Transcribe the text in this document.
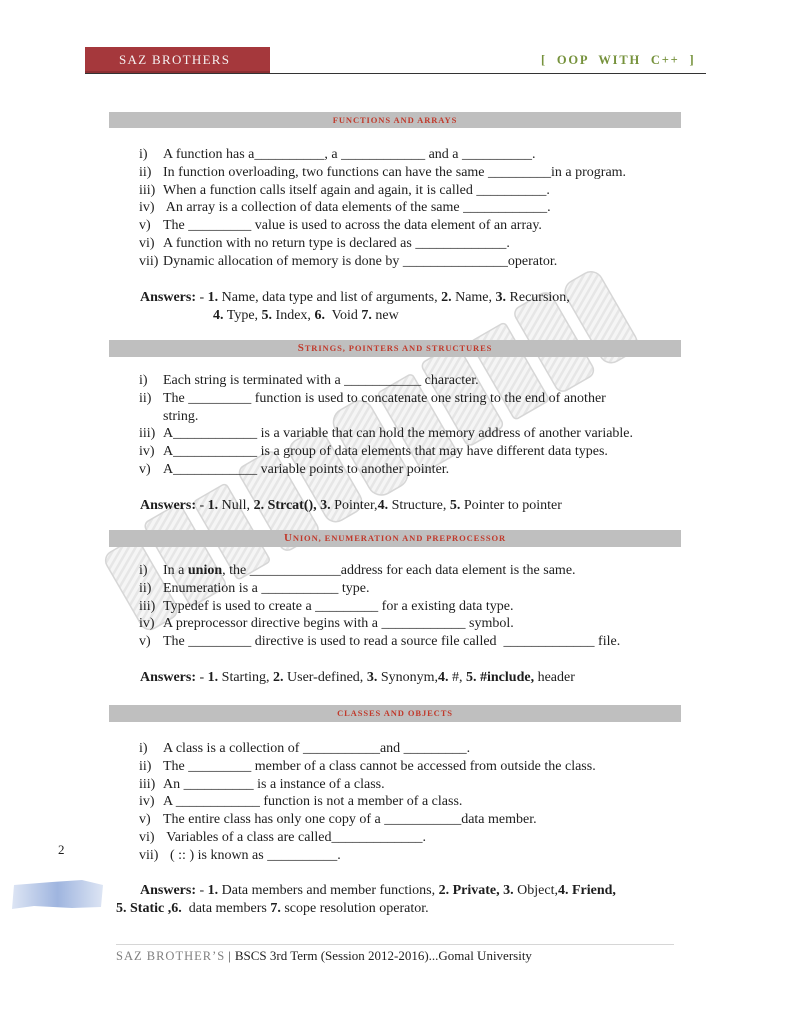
SAZ BROTHERS	[ OOP WITH C++ ]
FUNCTIONS AND ARRAYS
i) A function has a__________, a ____________ and a __________.
ii) In function overloading, two functions can have the same _________in a program.
iii) When a function calls itself again and again, it is called __________.
iv) An array is a collection of data elements of the same ____________.
v) The _________ value is used to across the data element of an array.
vi) A function with no return type is declared as _____________.
vii) Dynamic allocation of memory is done by _______________operator.
Answers: - 1. Name, data type and list of arguments, 2. Name, 3. Recursion,
4. Type, 5. Index, 6.  Void 7. new
STRINGS, POINTERS AND STRUCTURES
i) Each string is terminated with a ___________ character.
ii) The _________ function is used to concatenate one string to the end of another
string.
iii) A____________ is a variable that can hold the memory address of another variable.
iv) A____________ is a group of data elements that may have different data types.
v) A____________ variable points to another pointer.
Answers: - 1. Null, 2. Strcat(), 3. Pointer,4. Structure, 5. Pointer to pointer
UNION, ENUMERATION AND PREPROCESSOR
i) In a union, the _____________address for each data element is the same.
ii) Enumeration is a ___________ type.
iii) Typedef is used to create a _________ for a existing data type.
iv) A preprocessor directive begins with a ____________ symbol.
v) The _________ directive is used to read a source file called  _____________ file.
Answers: - 1. Starting, 2. User-defined, 3. Synonym,4. #, 5. #include, header
CLASSES AND OBJECTS
i) A class is a collection of ___________and _________.
ii) The _________ member of a class cannot be accessed from outside the class.
iii) An __________ is a instance of a class.
iv) A ____________ function is not a member of a class.
v) The entire class has only one copy of a ___________data member.
vi) Variables of a class are called_____________.
vii) ( :: ) is known as __________.
Answers: - 1. Data members and member functions, 2. Private, 3. Object,4. Friend,
5. Static ,6.  data members 7. scope resolution operator.
2
SAZ BROTHER’S | BSCS 3rd Term (Session 2012-2016)...Gomal University
